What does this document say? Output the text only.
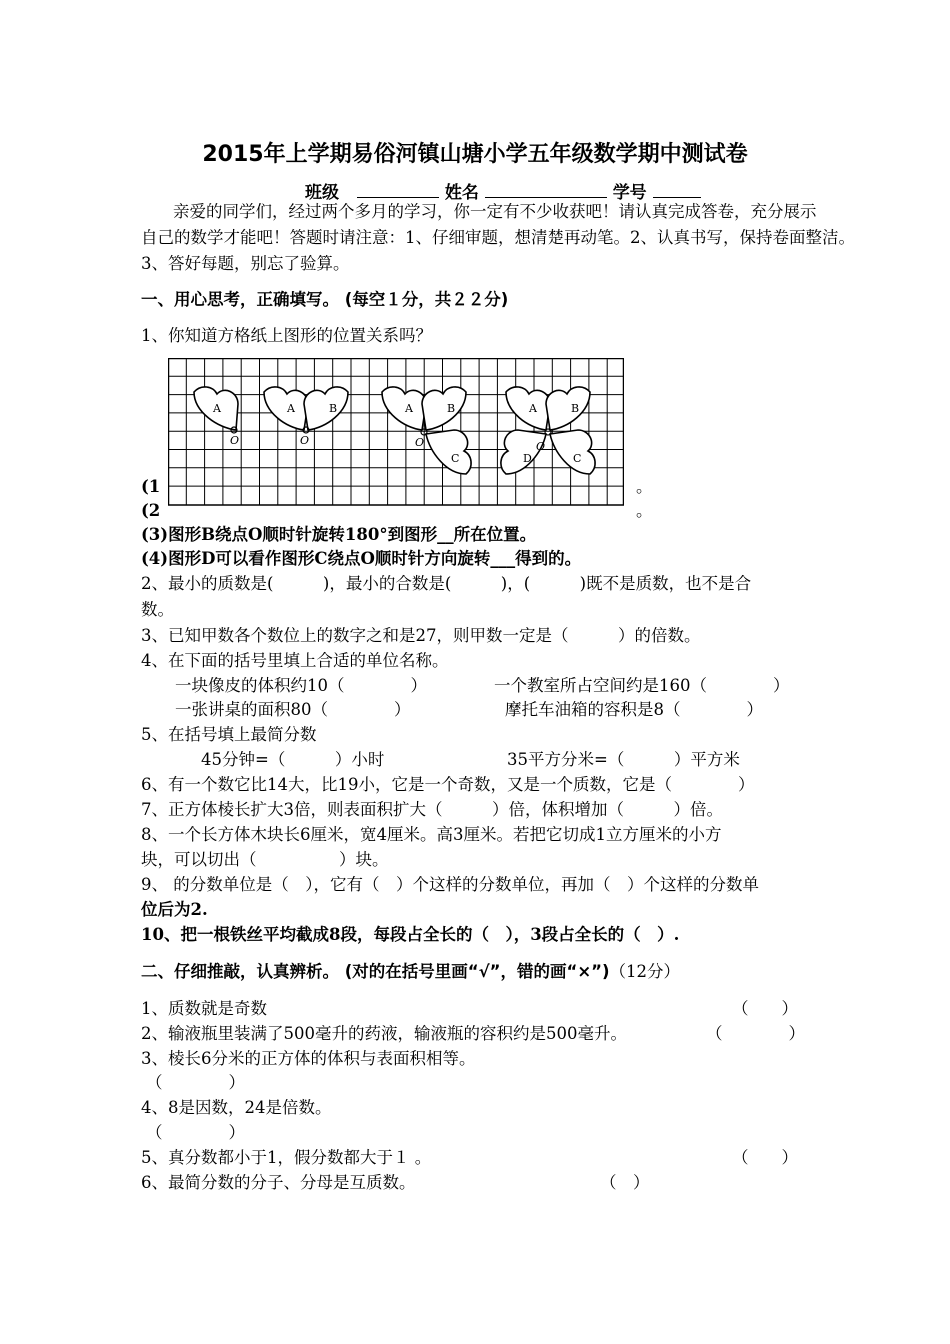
2015年上学期易俗河镇山塘小学五年级数学期中测试卷
班级	姓名	学号
亲爱的同学们，经过两个多月的学习，你一定有不少收获吧！请认真完成答卷，充分展示
自己的数学才能吧！答题时请注意：1、仔细审题，想清楚再动笔。2、认真书写，保持卷面整洁。
3、答好每题，别忘了验算。
一、用心思考，正确填写。 (每空１分，共２２分)
1、你知道方格纸上图形的位置关系吗？
A
O
A	B
O
A	B
C
O
A	B
C
D
O
(1	。
(2	。
(3)图形B绕点O顺时针旋转180°到图形__所在位置。
(4)图形D可以看作图形C绕点O顺时针方向旋转___得到的。
2、最小的质数是(　　　)，最小的合数是(　　　)，(　　　)既不是质数，也不是合
数。
3、已知甲数各个数位上的数字之和是27，则甲数一定是（　　　）的倍数。
4、在下面的括号里填上合适的单位名称。
一块像皮的体积约10（　　　　）	一个教室所占空间约是160（　　　　）
一张讲桌的面积80（　　　　）	摩托车油箱的容积是8（　　　　）
5、在括号填上最简分数
45分钟=（　　　）小时	35平方分米=（　　　）平方米
6、有一个数它比14大，比19小，它是一个奇数，又是一个质数，它是（　　　　）
7、正方体棱长扩大3倍，则表面积扩大（　　　）倍，体积增加（　　　）倍。
8、一个长方体木块长6厘米，宽4厘米。高3厘米。若把它切成1立方厘米的小方
块，可以切出（　　　　　）块。
9、 的分数单位是（　），它有（　）个这样的分数单位，再加（　）个这样的分数单
位后为2.
10、把一根铁丝平均截成8段，每段占全长的（　），3段占全长的（　）.
二、仔细推敲，认真辨析。 (对的在括号里画“√”，错的画“×”)（12分）
1、质数就是奇数	（　　）
2、输液瓶里装满了500毫升的药液，输液瓶的容积约是500毫升。	（　　　　）
3、棱长6分米的正方体的体积与表面积相等。
（　　　　）
4、8是因数，24是倍数。
（　　　　）
5、真分数都小于1，假分数都大于１ 。	（　　）
6、最简分数的分子、分母是互质数。	（　）
